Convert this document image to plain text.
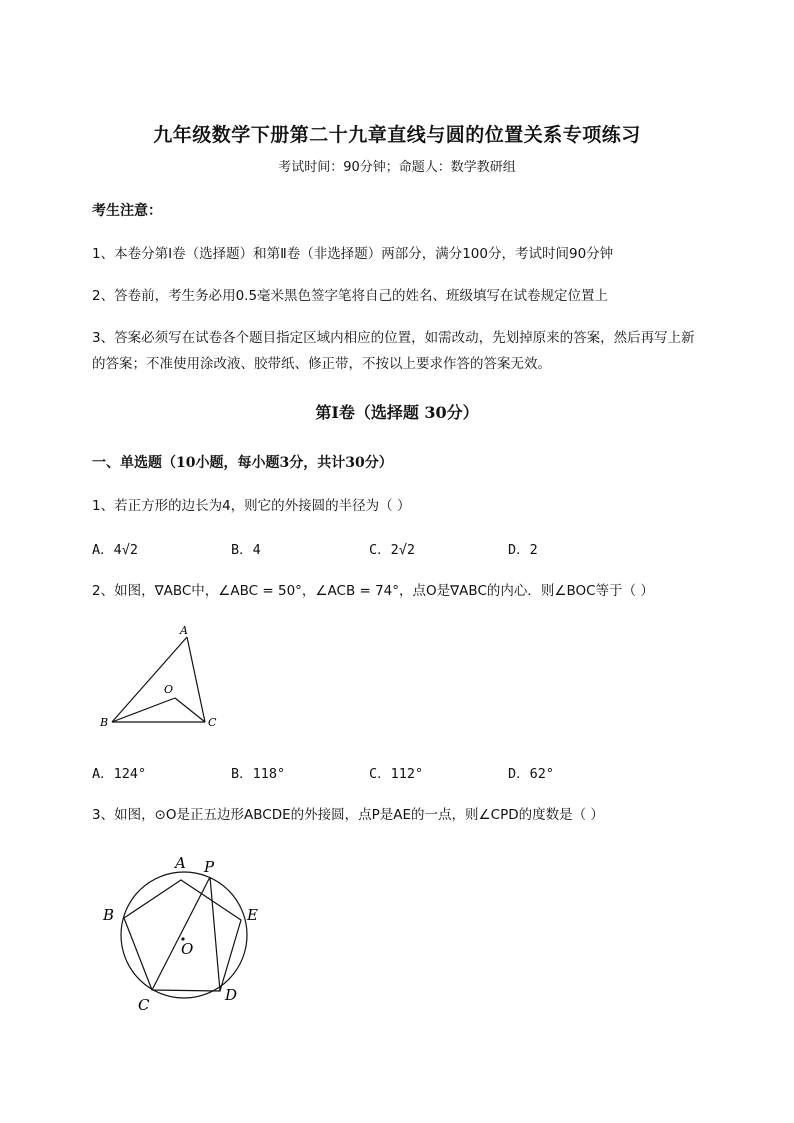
九年级数学下册第二十九章直线与圆的位置关系专项练习
考试时间：90分钟；命题人：数学教研组
考生注意：
1、本卷分第Ⅰ卷（选择题）和第Ⅱ卷（非选择题）两部分，满分100分，考试时间90分钟
2、答卷前，考生务必用0.5毫米黑色签字笔将自己的姓名、班级填写在试卷规定位置上
3、答案必须写在试卷各个题目指定区域内相应的位置，如需改动，先划掉原来的答案，然后再写上新
的答案；不准使用涂改液、胶带纸、修正带，不按以上要求作答的答案无效。
第Ⅰ卷（选择题 30分）
一、单选题（10小题，每小题3分，共计30分）
1、若正方形的边长为4，则它的外接圆的半径为（ ）
A．4√2	B．4	C．2√2	D．2
2、如图，∇ABC中，∠ABC = 50°，∠ACB = 74°，点O是∇ABC的内心．则∠BOC等于（ ）
A
B	C
O
A．124°	B．118°	C．112°	D．62°
3、如图，⊙O是正五边形ABCDE的外接圆，点P是AE的一点，则∠CPD的度数是（ ）
A P
B	E
O
C
D
